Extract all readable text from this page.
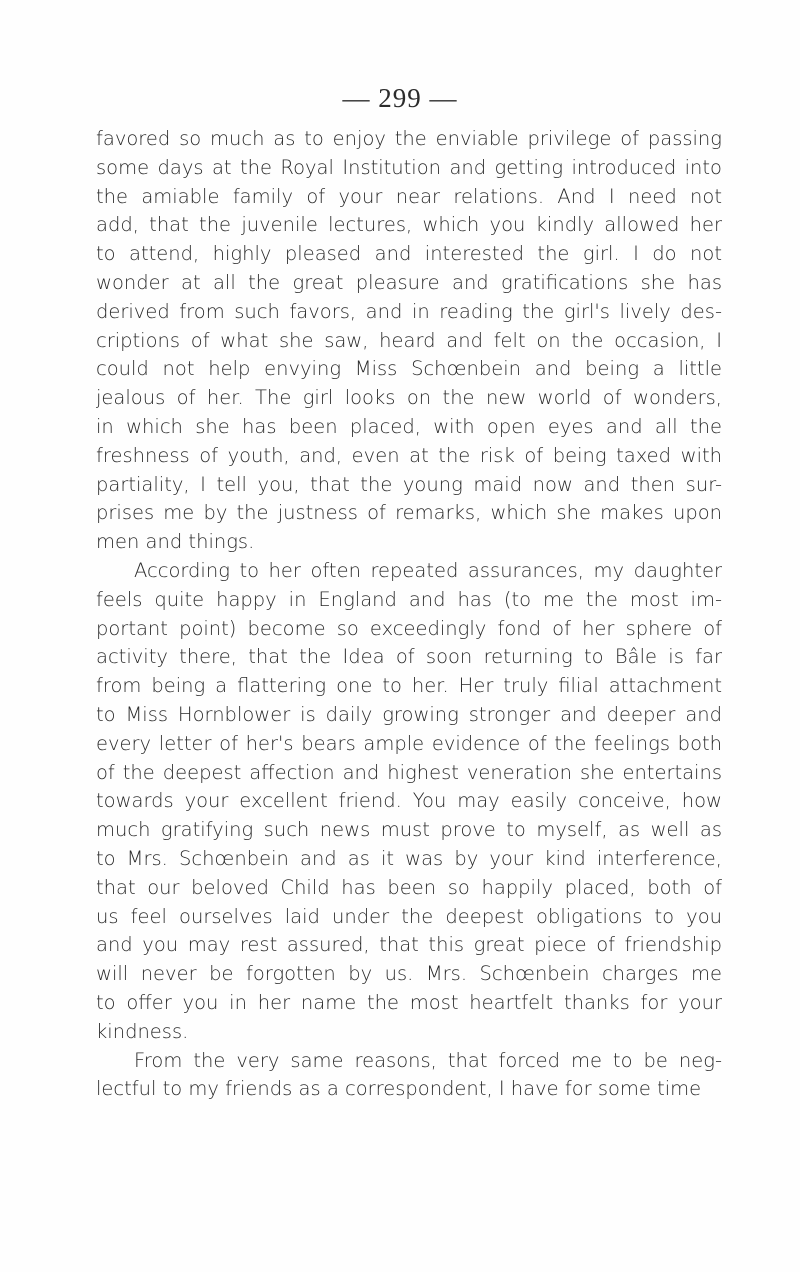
— 299 —

favored so much as to enjoy the enviable privilege of passing
some days at the Royal Institution and getting introduced into
the amiable family of your near relations. And I need not
add, that the juvenile lectures, which you kindly allowed her
to attend, highly pleased and interested the girl. I do not
wonder at all the great pleasure and gratifications she has
derived from such favors, and in reading the girl's lively des-
criptions of what she saw, heard and felt on the occasion, I
could not help envying Miss Schœnbein and being a little
jealous of her. The girl looks on the new world of wonders,
in which she has been placed, with open eyes and all the
freshness of youth, and, even at the risk of being taxed with
partiality, I tell you, that the young maid now and then sur-
prises me by the justness of remarks, which she makes upon
men and things.

According to her often repeated assurances, my daughter
feels quite happy in England and has (to me the most im-
portant point) become so exceedingly fond of her sphere of
activity there, that the Idea of soon returning to Bâle is far
from being a flattering one to her. Her truly filial attachment
to Miss Hornblower is daily growing stronger and deeper and
every letter of her's bears ample evidence of the feelings both
of the deepest affection and highest veneration she entertains
towards your excellent friend. You may easily conceive, how
much gratifying such news must prove to myself, as well as
to Mrs. Schœnbein and as it was by your kind interference,
that our beloved Child has been so happily placed, both of
us feel ourselves laid under the deepest obligations to you
and you may rest assured, that this great piece of friendship
will never be forgotten by us. Mrs. Schœnbein charges me
to offer you in her name the most heartfelt thanks for your
kindness.

From the very same reasons, that forced me to be neg-
lectful to my friends as a correspondent, I have for some time
